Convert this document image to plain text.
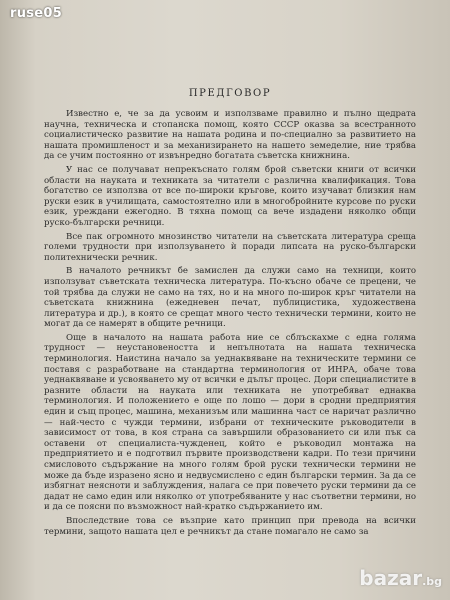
ПРЕДГОВОР

Известно е, че за да усвоим и използваме правилно и пълно щедрата научна, техническа и стопанска помощ, която СССР оказва за всестранното социалистическо развитие на нашата родина и по-специално за развитието на нашата промишленост и за механизирането на нашето земеделие, ние трябва да се учим постоянно от извънредно богатата съветска книжнина.

У нас се получават непрекъснато голям брой съветски книги от всички области на науката и техниката за читатели с различна квалификация. Това богатство се използва от все по-широки кръгове, които изучават близкия нам руски език в училищата, самостоятелно или в многобройните курсове по руски език, уреждани ежегодно. В тяхна помощ са вече издадени няколко общи руско-български речници.

Все пак огромното мнозинство читатели на съветската литература среща големи трудности при използуването ѝ поради липсата на руско-български политехнически речник.

В началото речникът бе замислен да служи само на техници, които използуват съветската техническа литература. По-късно обаче се прецени, че той трябва да служи не само на тях, но и на много по-широк кръг читатели на съветската книжнина (ежедневен печат, публицистика, художествена литература и др.), в която се срещат много често технически термини, които не могат да се намерят в общите речници.

Още в началото на нашата работа ние се сблъскахме с една голяма трудност — неустановеността и непълнотата на нашата техническа терминология. Наистина начало за уеднаквяване на техническите термини се поставя с разработване на стандартна терминология от ИНРА, обаче това уеднаквяване и усвояването му от всички е дълъг процес. Дори специалистите в разните области на науката или техниката не употребяват еднаква терминология. И положението е още по лошо — дори в сродни предприятия един и същ процес, машина, механизъм или машинна част се наричат различно — най-често с чужди термини, избрани от техническите ръководители в зависимост от това, в коя страна са завършили образованието си или пък са оставени от специалиста-чужденец, който е ръководил монтажа на предприятието и е подготвил първите производствени кадри. По тези причини смисловото съдържание на много голям брой руски технически термини не може да бъде изразено ясно и недвусмислено с един български термин. За да се избягнат неясноти и заблуждения, налага се при повечето руски термини да се дадат не само един или няколко от употребяваните у нас съответни термини, но и да се поясни по възможност най-кратко съдържанието им.

Впоследствие това се възприе като принцип при превода на всички термини, защото нашата цел е речникът да стане помагало не само за

ruse05
bazar.bg
